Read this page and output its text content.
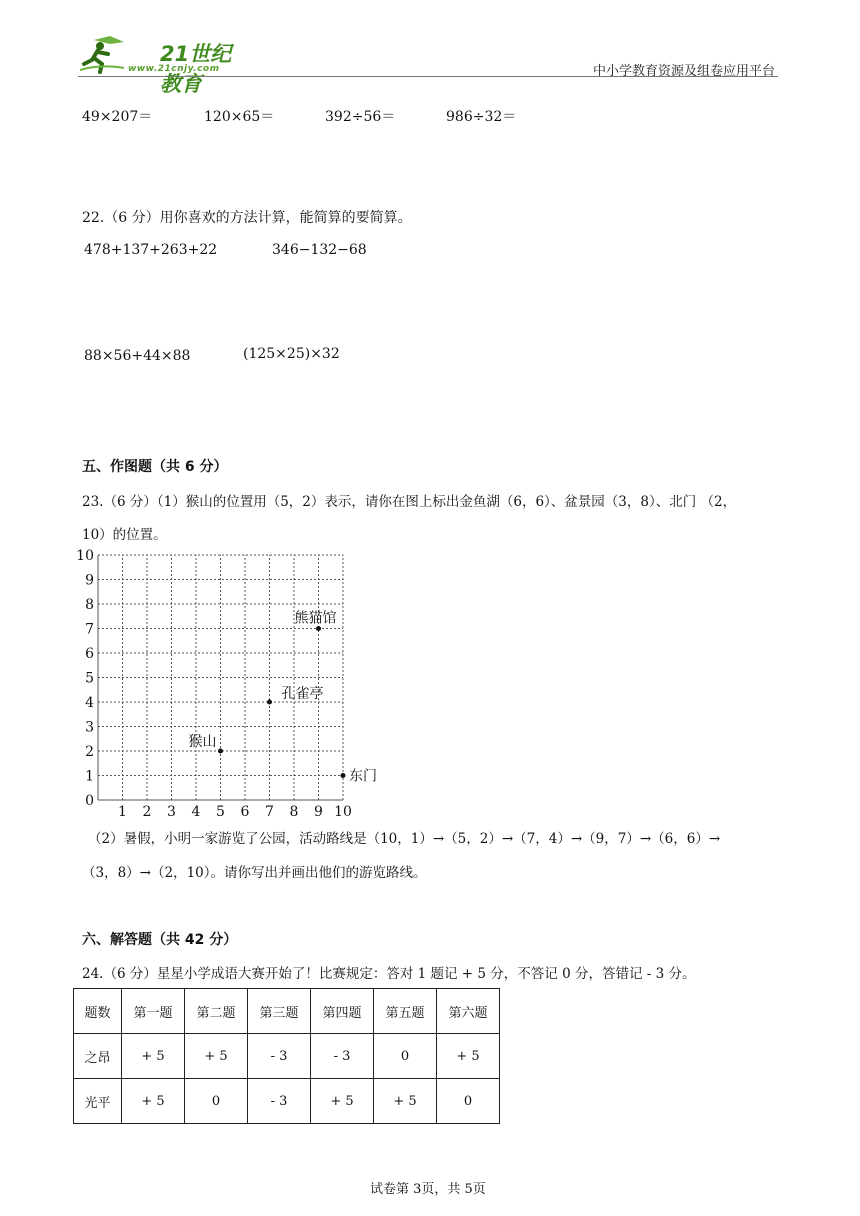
21世纪教育
www.21cnjy.com	中小学教育资源及组卷应用平台
49×207＝	120×65＝	392÷56＝	986÷32＝
22.（6 分）用你喜欢的方法计算，能简算的要简算。
478+137+263+22	346−132−68
88×56+44×88	(125×25)×32
五、作图题（共 6 分）
23.（6 分）（1）猴山的位置用（5，2）表示，请你在图上标出金鱼湖（6，6）、盆景园（3，8）、北门 （2，
10）的位置。
1 2 3 4 5 6 7 8 9 10
0
1
2
3
4
5
6
7
8
9
10
熊猫馆
孔雀亭
猴山
东门
（2）暑假，小明一家游览了公园，活动路线是（10，1）→（5，2）→（7，4）→（9，7）→（6，6）→
（3，8）→（2，10）。请你写出并画出他们的游览路线。
六、解答题（共 42 分）
24.（6 分）星星小学成语大赛开始了！比赛规定：答对 1 题记 + 5 分，不答记 0 分，答错记 - 3 分。
题数	第一题	第二题	第三题	第四题	第五题	第六题
之昂	+ 5	+ 5	- 3	- 3	0	+ 5
光平	+ 5	0	- 3	+ 5	+ 5	0
试卷第 3页，共 5页
